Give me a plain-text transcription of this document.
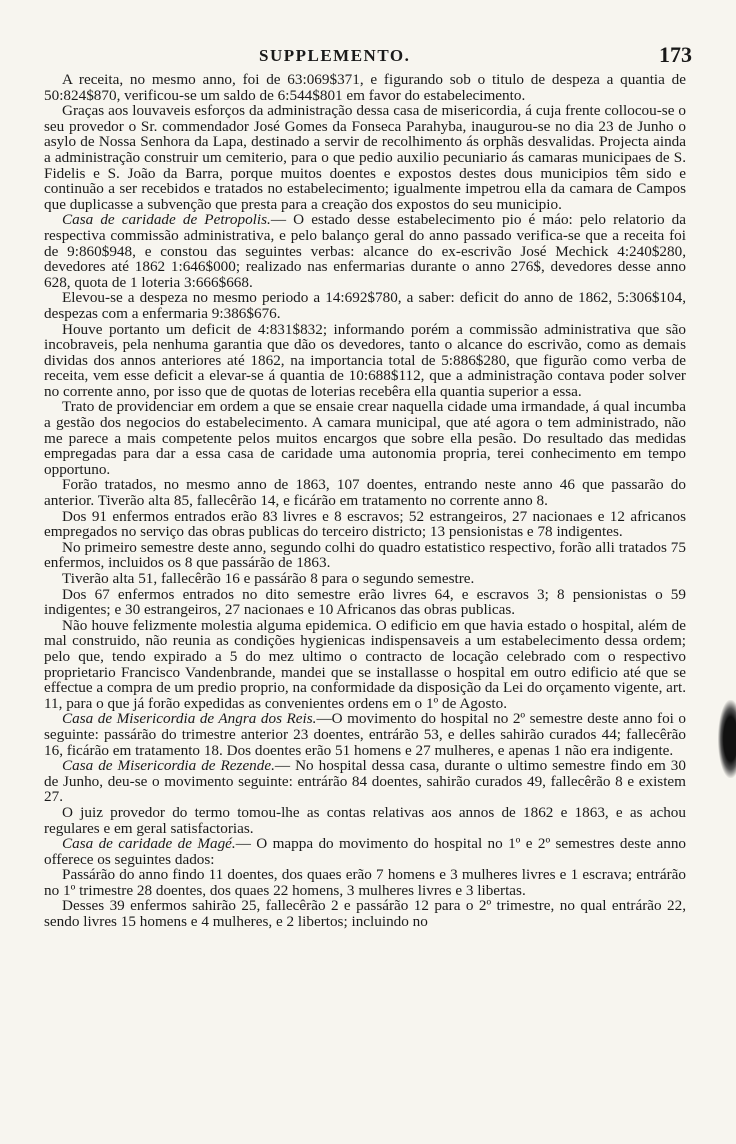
SUPPLEMENTO.	173

A receita, no mesmo anno, foi de 63:069$371, e figurando sob o titulo de despeza a quantia de 50:824$870, verificou-se um saldo de 6:544$801 em favor do estabelecimento.

Graças aos louvaveis esforços da administração dessa casa de misericordia, á cuja frente collocou-se o seu provedor o Sr. commendador José Gomes da Fonseca Parahyba, inaugurou-se no dia 23 de Junho o asylo de Nossa Senhora da Lapa, destinado a servir de recolhimento ás orphãs desvalidas. Projecta ainda a administração construir um cemiterio, para o que pedio auxilio pecuniario ás camaras municipaes de S. Fidelis e S. João da Barra, porque muitos doentes e expostos destes dous municipios têm sido e continuão a ser recebidos e tratados no estabelecimento; igualmente impetrou ella da camara de Campos que duplicasse a subvenção que presta para a creação dos expostos do seu municipio.

Casa de caridade de Petropolis.— O estado desse estabelecimento pio é máo: pelo relatorio da respectiva commissão administrativa, e pelo balanço geral do anno passado verifica-se que a receita foi de 9:860$948, e constou das seguintes verbas: alcance do ex-escrivão José Mechick 4:240$280, devedores até 1862 1:646$000; realizado nas enfermarias durante o anno 276$, devedores desse anno 628, quota de 1 loteria 3:666$668.

Elevou-se a despeza no mesmo periodo a 14:692$780, a saber: deficit do anno de 1862, 5:306$104, despezas com a enfermaria 9:386$676.

Houve portanto um deficit de 4:831$832; informando porém a commissão administrativa que são incobraveis, pela nenhuma garantia que dão os devedores, tanto o alcance do escrivão, como as demais dividas dos annos anteriores até 1862, na importancia total de 5:886$280, que figurão como verba de receita, vem esse deficit a elevar-se á quantia de 10:688$112, que a administração contava poder solver no corrente anno, por isso que de quotas de loterias recebêra ella quantia superior a essa.

Trato de providenciar em ordem a que se ensaie crear naquella cidade uma irmandade, á qual incumba a gestão dos negocios do estabelecimento. A camara municipal, que até agora o tem administrado, não me parece a mais competente pelos muitos encargos que sobre ella pesão. Do resultado das medidas empregadas para dar a essa casa de caridade uma autonomia propria, terei conhecimento em tempo opportuno.

Forão tratados, no mesmo anno de 1863, 107 doentes, entrando neste anno 46 que passarão do anterior. Tiverão alta 85, fallecêrão 14, e ficárão em tratamento no corrente anno 8.

Dos 91 enfermos entrados erão 83 livres e 8 escravos; 52 estrangeiros, 27 nacionaes e 12 africanos empregados no serviço das obras publicas do terceiro districto; 13 pensionistas e 78 indigentes.

No primeiro semestre deste anno, segundo colhi do quadro estatistico respectivo, forão alli tratados 75 enfermos, incluidos os 8 que passárão de 1863.

Tiverão alta 51, fallecêrão 16 e passárão 8 para o segundo semestre.

Dos 67 enfermos entrados no dito semestre erão livres 64, e escravos 3; 8 pensionistas o 59 indigentes; e 30 estrangeiros, 27 nacionaes e 10 Africanos das obras publicas.

Não houve felizmente molestia alguma epidemica. O edificio em que havia estado o hospital, além de mal construido, não reunia as condições hygienicas indispensaveis a um estabelecimento dessa ordem; pelo que, tendo expirado a 5 do mez ultimo o contracto de locação celebrado com o respectivo proprietario Francisco Vandenbrande, mandei que se installasse o hospital em outro edificio até que se effectue a compra de um predio proprio, na conformidade da disposição da Lei do orçamento vigente, art. 11, para o que já forão expedidas as convenientes ordens em o 1º de Agosto.

Casa de Misericordia de Angra dos Reis.—O movimento do hospital no 2º semestre deste anno foi o seguinte: passárão do trimestre anterior 23 doentes, entrárão 53, e delles sahirão curados 44; fallecêrão 16, ficárão em tratamento 18. Dos doentes erão 51 homens e 27 mulheres, e apenas 1 não era indigente.

Casa de Misericordia de Rezende.— No hospital dessa casa, durante o ultimo semestre findo em 30 de Junho, deu-se o movimento seguinte: entrárão 84 doentes, sahirão curados 49, fallecêrão 8 e existem 27.

O juiz provedor do termo tomou-lhe as contas relativas aos annos de 1862 e 1863, e as achou regulares e em geral satisfactorias.

Casa de caridade de Magé.— O mappa do movimento do hospital no 1º e 2º semestres deste anno offerece os seguintes dados:

Passárão do anno findo 11 doentes, dos quaes erão 7 homens e 3 mulheres livres e 1 escrava; entrárão no 1º trimestre 28 doentes, dos quaes 22 homens, 3 mulheres livres e 3 libertas.

Desses 39 enfermos sahirão 25, fallecêrão 2 e passárão 12 para o 2º trimestre, no qual entrárão 22, sendo livres 15 homens e 4 mulheres, e 2 libertos; incluindo no
